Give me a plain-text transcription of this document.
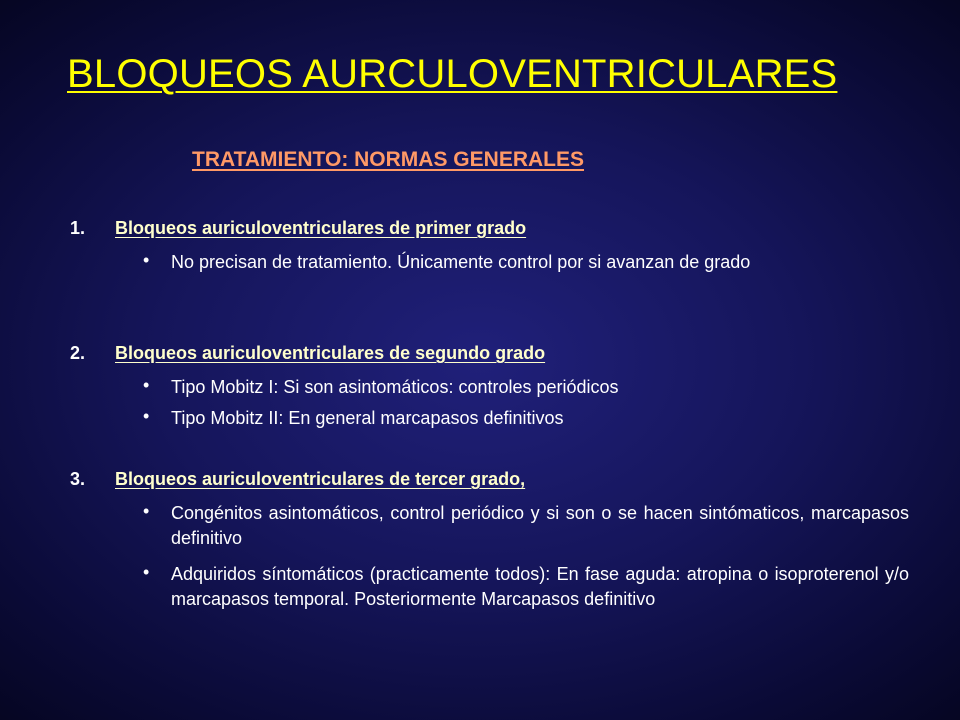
BLOQUEOS AURCULOVENTRICULARES
TRATAMIENTO: NORMAS GENERALES
1. Bloqueos auriculoventriculares de primer grado
• No precisan de tratamiento. Únicamente control por si avanzan de grado
2. Bloqueos auriculoventriculares de segundo grado
• Tipo Mobitz I: Si son asintomáticos: controles periódicos
• Tipo Mobitz II: En general marcapasos definitivos
3. Bloqueos auriculoventriculares de tercer grado,
• Congénitos asintomáticos, control periódico y si son o se hacen sintómaticos, marcapasos definitivo
• Adquiridos síntomáticos (practicamente todos): En fase aguda: atropina o isoproterenol y/o marcapasos temporal. Posteriormente Marcapasos definitivo
